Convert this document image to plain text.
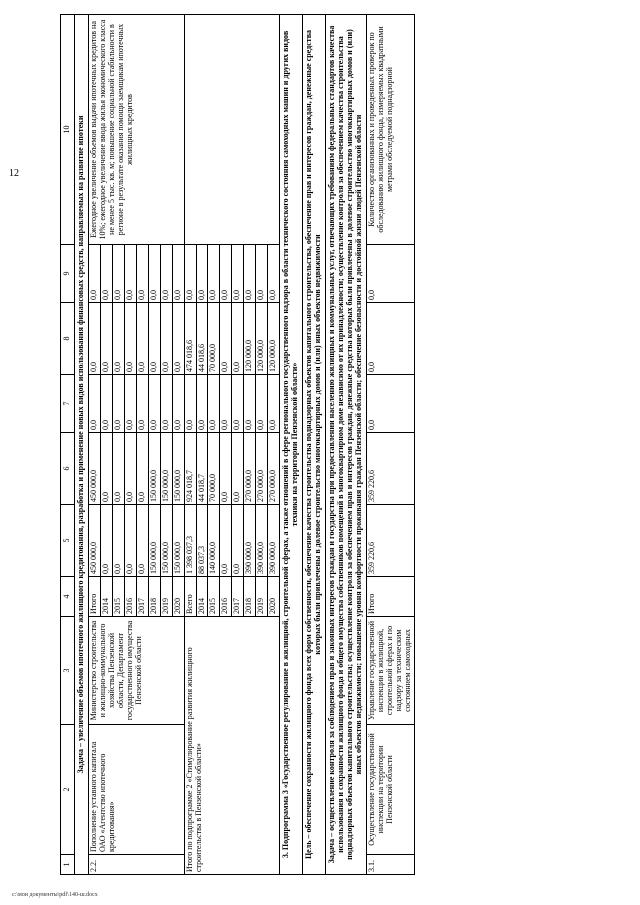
12
1	2	3	4	5	6	7	8	9	10
Задача – увеличение объемов ипотечного жилищного кредитования, разработка и применение новых видов использования финансовых средств, направляемых на развитие ипотеки									
2.2.	Пополнение уставного капитала ОАО «Агентство ипотечного кредитования»	Министерство строительства и жилищно-коммунального хозяйства Пензенской области, Департамент государственного имущества Пензенской области	Итого	450 000,0	450 000,0	0,0	0,0	0,0	Ежегодное увеличение объемов выдачи ипотечных кредитов на 10%; ежегодное увеличение ввода жилья экономического класса не менее 5 тыс. кв. м; повышение социальной стабильности в регионе в результате оказания помощи заемщикам ипотечных жилищных кредитов
			2014	0,0	0,0	0,0	0,0	0,0	
			2015	0,0	0,0	0,0	0,0	0,0	
			2016	0,0	0,0	0,0	0,0	0,0	
			2017	0,0	0,0	0,0	0,0	0,0	
			2018	150 000,0	150 000,0	0,0	0,0	0,0	
			2019	150 000,0	150 000,0	0,0	0,0	0,0	
			2020	150 000,0	150 000,0	0,0	0,0	0,0	
Итого по подпрограмме 2 «Стимулирование развития жилищного строительства в Пензенской области»			Всего	1 398 037,3	924 018,7	0,0	474 018,6	0,0	
			2014	88 037,3	44 018,7	0,0	44 018,6	0,0	
			2015	140 000,0	70 000,0	0,0	70 000,0	0,0	
			2016	0,0	0,0	0,0	0,0	0,0	
			2017	0,0	0,0	0,0	0,0	0,0	
			2018	390 000,0	270 000,0	0,0	120 000,0	0,0	
			2019	390 000,0	270 000,0	0,0	120 000,0	0,0	
			2020	390 000,0	270 000,0	0,0	120 000,0	0,0	
3. Подпрограмма 3 «Государственное регулирование в жилищной, строительной сферах, а также отношений в сфере регионального государственного надзора в области технического состояния самоходных машин и других видов техники на территории Пензенской области»									
Цель – обеспечение сохранности жилищного фонда всех форм собственности, обеспечение качества строительства поднадзорных объектов капитального строительства, обеспечение прав и интересов граждан, денежные средства которых были привлечены в долевое строительство многоквартирных домов и (или) иных объектов недвижимости									
Задача – осуществление контроля за соблюдением прав и законных интересов граждан и государства при предоставлении населению жилищных и коммунальных услуг, отвечающих требованиям федеральных стандартов качества использования и сохранности жилищного фонда и общего имущества собственников помещений в многоквартирном доме независимо от их принадлежности; осуществление контроля за обеспечением качества строительства поднадзорных объектов капитального строительства; осуществление контроля за обеспечением прав и интересов граждан, денежные средства которых были привлечены в долевое строительство многоквартирных домов и (или) иных объектов недвижимости; повышение уровня комфортности проживания граждан Пензенской области; обеспечение безопасности и достойной жизни людей Пензенской области									
3.1.	Осуществление государственной инспекции на территории Пензенской области	Управление государственной инспекции в жилищной, строительной сферах и по надзору за техническим состоянием самоходных	Итого	359 220,6	359 220,6	0,0	0,0	0,0	Количество организованных и проведенных проверок по обследованию жилищного фонда, измеряемых квадратными метрами обследуемой поднадзорной
c:\мои документы\pdf\140-ш.docx
